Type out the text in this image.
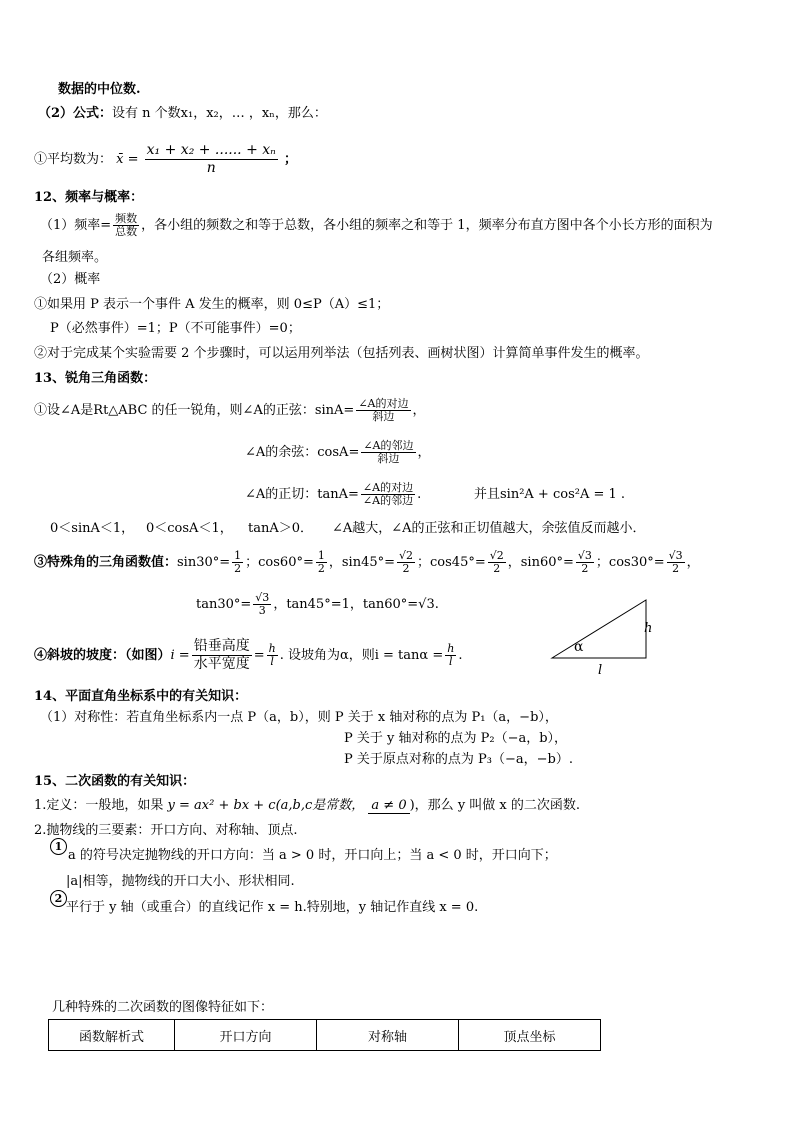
数据的中位数.
（2）公式：设有 n 个数x₁，x₂，… ，xₙ，那么：
①平均数为： x̄ = $\frac{\text{x₁ + x₂ + ...... + xₙ}}{n}$ ；
12、频率与概率：
（1）频率= $\frac{\text{频数}}{\text{总数}}$ ，各小组的频数之和等于总数，各小组的频率之和等于 1，频率分布直方图中各个小长方形的面积为
各组频率。
（2）概率
①如果用 P 表示一个事件 A 发生的概率，则 0≤P（A）≤1；
P（必然事件）=1；P（不可能事件）=0；
②对于完成某个实验需要 2 个步骤时，可以运用列举法（包括列表、画树状图）计算简单事件发生的概率。
13、锐角三角函数：
①设∠A是Rt△ABC 的任一锐角，则∠A的正弦：$\sin A= \frac{\text{∠A的对边}}{\text{斜边}}$ ，
∠A的余弦：$\cos A= \frac{\text{∠A的邻边}}{\text{斜边}}$ ，
∠A的正切：$\tan A= \frac{\text{∠A的对边}}{\text{∠A的邻边}}$ .	并且sin²A + cos²A = 1 .
0＜sinA＜1， 0＜cosA＜1， tanA＞0． ∠A越大，∠A的正弦和正切值越大，余弦值反而越小．
③特殊角的三角函数值：$\sin 30^\circ= \frac{1}{2}$ ；$\cos 60^\circ= \frac{1}{2}$ ，$\sin 45^\circ= \frac{√2}{2}$ ；$\cos 45^\circ= \frac{√2}{2}$ ，$\sin 60^\circ= \frac{√3}{2}$ ；$\cos 30^\circ= \frac{√3}{2}$ ，
$\tan 30^\circ= \frac{√3}{3}$ ，tan45°=1，tan60°=√3.
④斜坡的坡度：（如图）$i = \frac{\text{铅垂高度}}{\text{水平宽度}} = \frac{h}{l}$ . 设坡角为α，则$i = \tan\alpha = \frac{h}{l}$ .
α
h
l
14、平面直角坐标系中的有关知识：
（1）对称性：若直角坐标系内一点 P（a，b），则 P 关于 x 轴对称的点为 P₁（a，−b），
P 关于 y 轴对称的点为 P₂（−a，b），
P 关于原点对称的点为 P₃（−a，−b）.
15、二次函数的有关知识：
1.定义：一般地，如果 y = ax² + bx + c(a,b,c是常数， a ≠ 0 )，那么 y 叫做 x 的二次函数.
2.抛物线的三要素：开口方向、对称轴、顶点.
1
a 的符号决定抛物线的开口方向：当 a > 0 时，开口向上；当 a < 0 时，开口向下；
|a|相等，抛物线的开口大小、形状相同.
2
平行于 y 轴（或重合）的直线记作 x = h.特别地，y 轴记作直线 x = 0.
几种特殊的二次函数的图像特征如下：
函数解析式	开口方向	对称轴	顶点坐标
